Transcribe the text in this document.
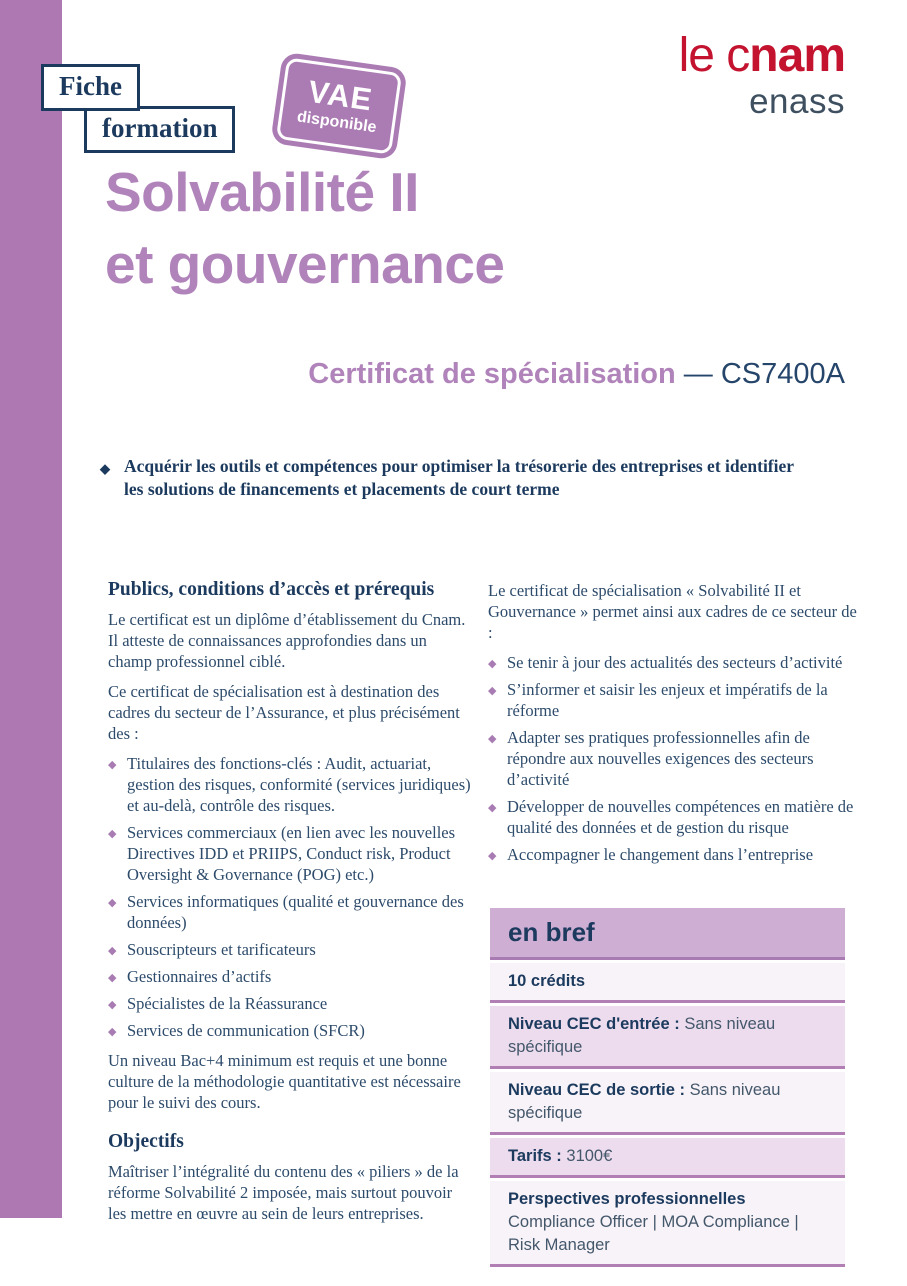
formation
Fiche	VAE
disponible
le cnam
enass
Solvabilité II
et gouvernance
Certificat de spécialisation — CS7400A
◆ Acquérir les outils et compétences pour optimiser la trésorerie des entreprises et identifier les solutions de financements et placements de court terme
Publics, conditions d’accès et prérequis

Le certificat est un diplôme d’établissement du Cnam. Il atteste de connaissances approfondies dans un champ professionnel ciblé.

Ce certificat de spécialisation est à destination des cadres du secteur de l’Assurance, et plus précisément des :

◆ Titulaires des fonctions-clés : Audit, actuariat, gestion des risques, conformité (services juridiques) et au-delà, contrôle des risques.
◆ Services commerciaux (en lien avec les nouvelles Directives IDD et PRIIPS, Conduct risk, Product Oversight & Governance (POG) etc.)
◆ Services informatiques (qualité et gouvernance des données)
◆ Souscripteurs et tarificateurs
◆ Gestionnaires d’actifs
◆ Spécialistes de la Réassurance
◆ Services de communication (SFCR)

Un niveau Bac+4 minimum est requis et une bonne culture de la méthodologie quantitative est nécessaire pour le suivi des cours.

Objectifs

Maîtriser l’intégralité du contenu des « piliers » de la réforme Solvabilité 2 imposée, mais surtout pouvoir les mettre en œuvre au sein de leurs entreprises.

Le certificat de spécialisation « Solvabilité II et Gouvernance » permet ainsi aux cadres de ce secteur de :

◆ Se tenir à jour des actualités des secteurs d’activité
◆ S’informer et saisir les enjeux et impératifs de la réforme
◆ Adapter ses pratiques professionnelles afin de répondre aux nouvelles exigences des secteurs d’activité
◆ Développer de nouvelles compétences en matière de qualité des données et de gestion du risque
◆ Accompagner le changement dans l’entreprise
en bref
10 crédits
Niveau CEC d'entrée : Sans niveau spécifique
Niveau CEC de sortie : Sans niveau spécifique
Tarifs : 3100€
Perspectives professionnelles
Compliance Officer | MOA Compliance | Risk Manager
